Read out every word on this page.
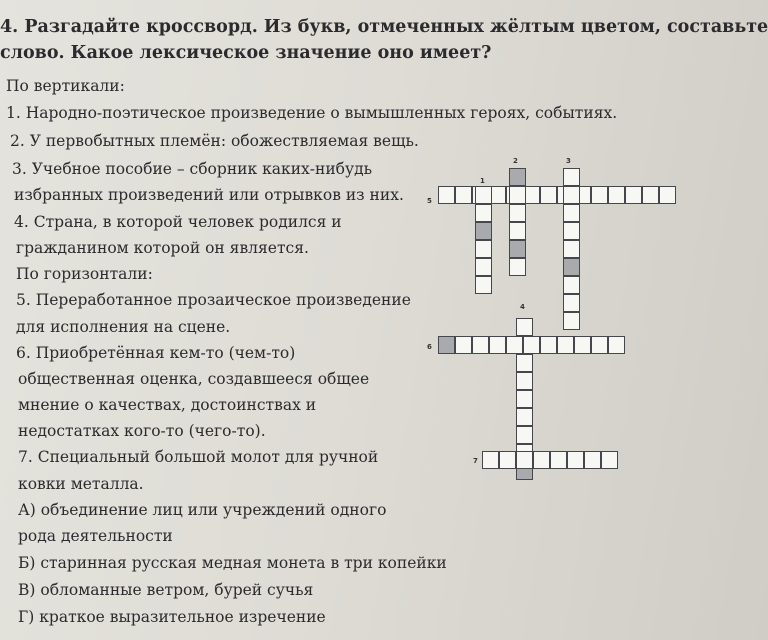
4. Разгадайте кроссворд. Из букв, отмеченных жёлтым цветом, составьте
слово. Какое лексическое значение оно имеет?
По вертикали:
1. Народно-поэтическое произведение о вымышленных героях, событиях.
2. У первобытных племён: обожествляемая вещь.
3. Учебное пособие – сборник каких-нибудь
избранных произведений или отрывков из них.
4. Страна, в которой человек родился и
гражданином которой он является.
По горизонтали:
5. Переработанное прозаическое произведение
для исполнения на сцене.
6. Приобретённая кем-то (чем-то)
общественная оценка, создавшееся общее
мнение о качествах, достоинствах и
недостатках кого-то (чего-то).
7. Специальный большой молот для ручной
ковки металла.
А) объединение лиц или учреждений одного
рода деятельности
Б) старинная русская медная монета в три копейки
В) обломанные ветром, бурей сучья
Г) краткое выразительное изречение
5
1
2	3
4
6
7
